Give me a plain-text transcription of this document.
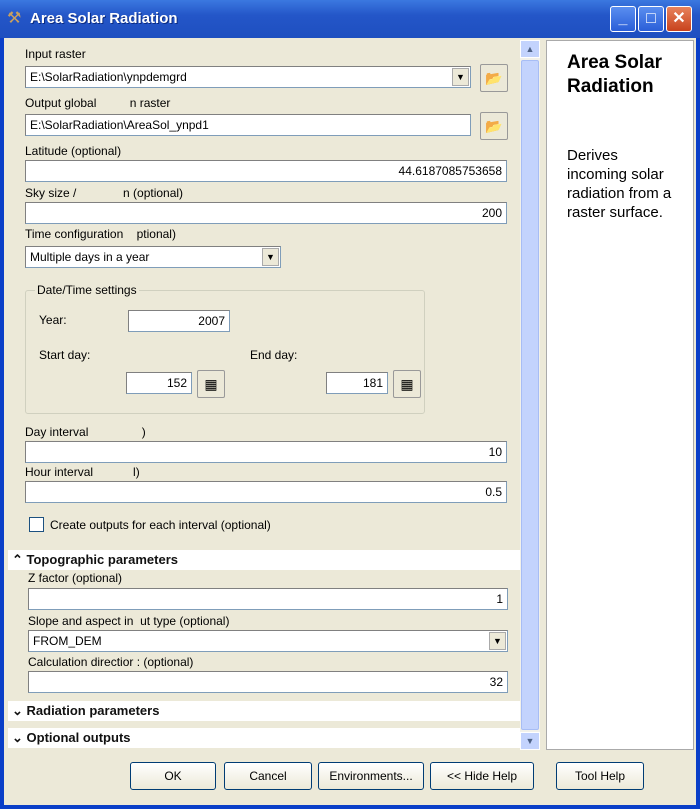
⚒ Area Solar Radiation	_	□	✕
Input raster
E:\SolarRadiation\ynpdemgrd	▼	📂
Output global          n raster
E:\SolarRadiation\AreaSol_ynpd1	📂
Latitude (optional)
44.6187085753658
Sky size /              n (optional)
200
Time configuration    ptional)
Multiple days in a year	▼
Date/Time settings
Year:	2007
Start day:
152	▦
End day:
181	▦
Day interval                )
10
Hour interval            l)
0.5
Create outputs for each interval (optional)
⌃ Topographic parameters
Z factor (optional)
1
Slope and aspect in  ut type (optional)
FROM_DEM	▼
Calculation directior : (optional)
32
⌄ Radiation parameters
⌄ Optional outputs
▲
▼
Area Solar Radiation
Derives incoming solar radiation from a raster surface.
OK	Cancel	Environments...	<< Hide Help	Tool Help
